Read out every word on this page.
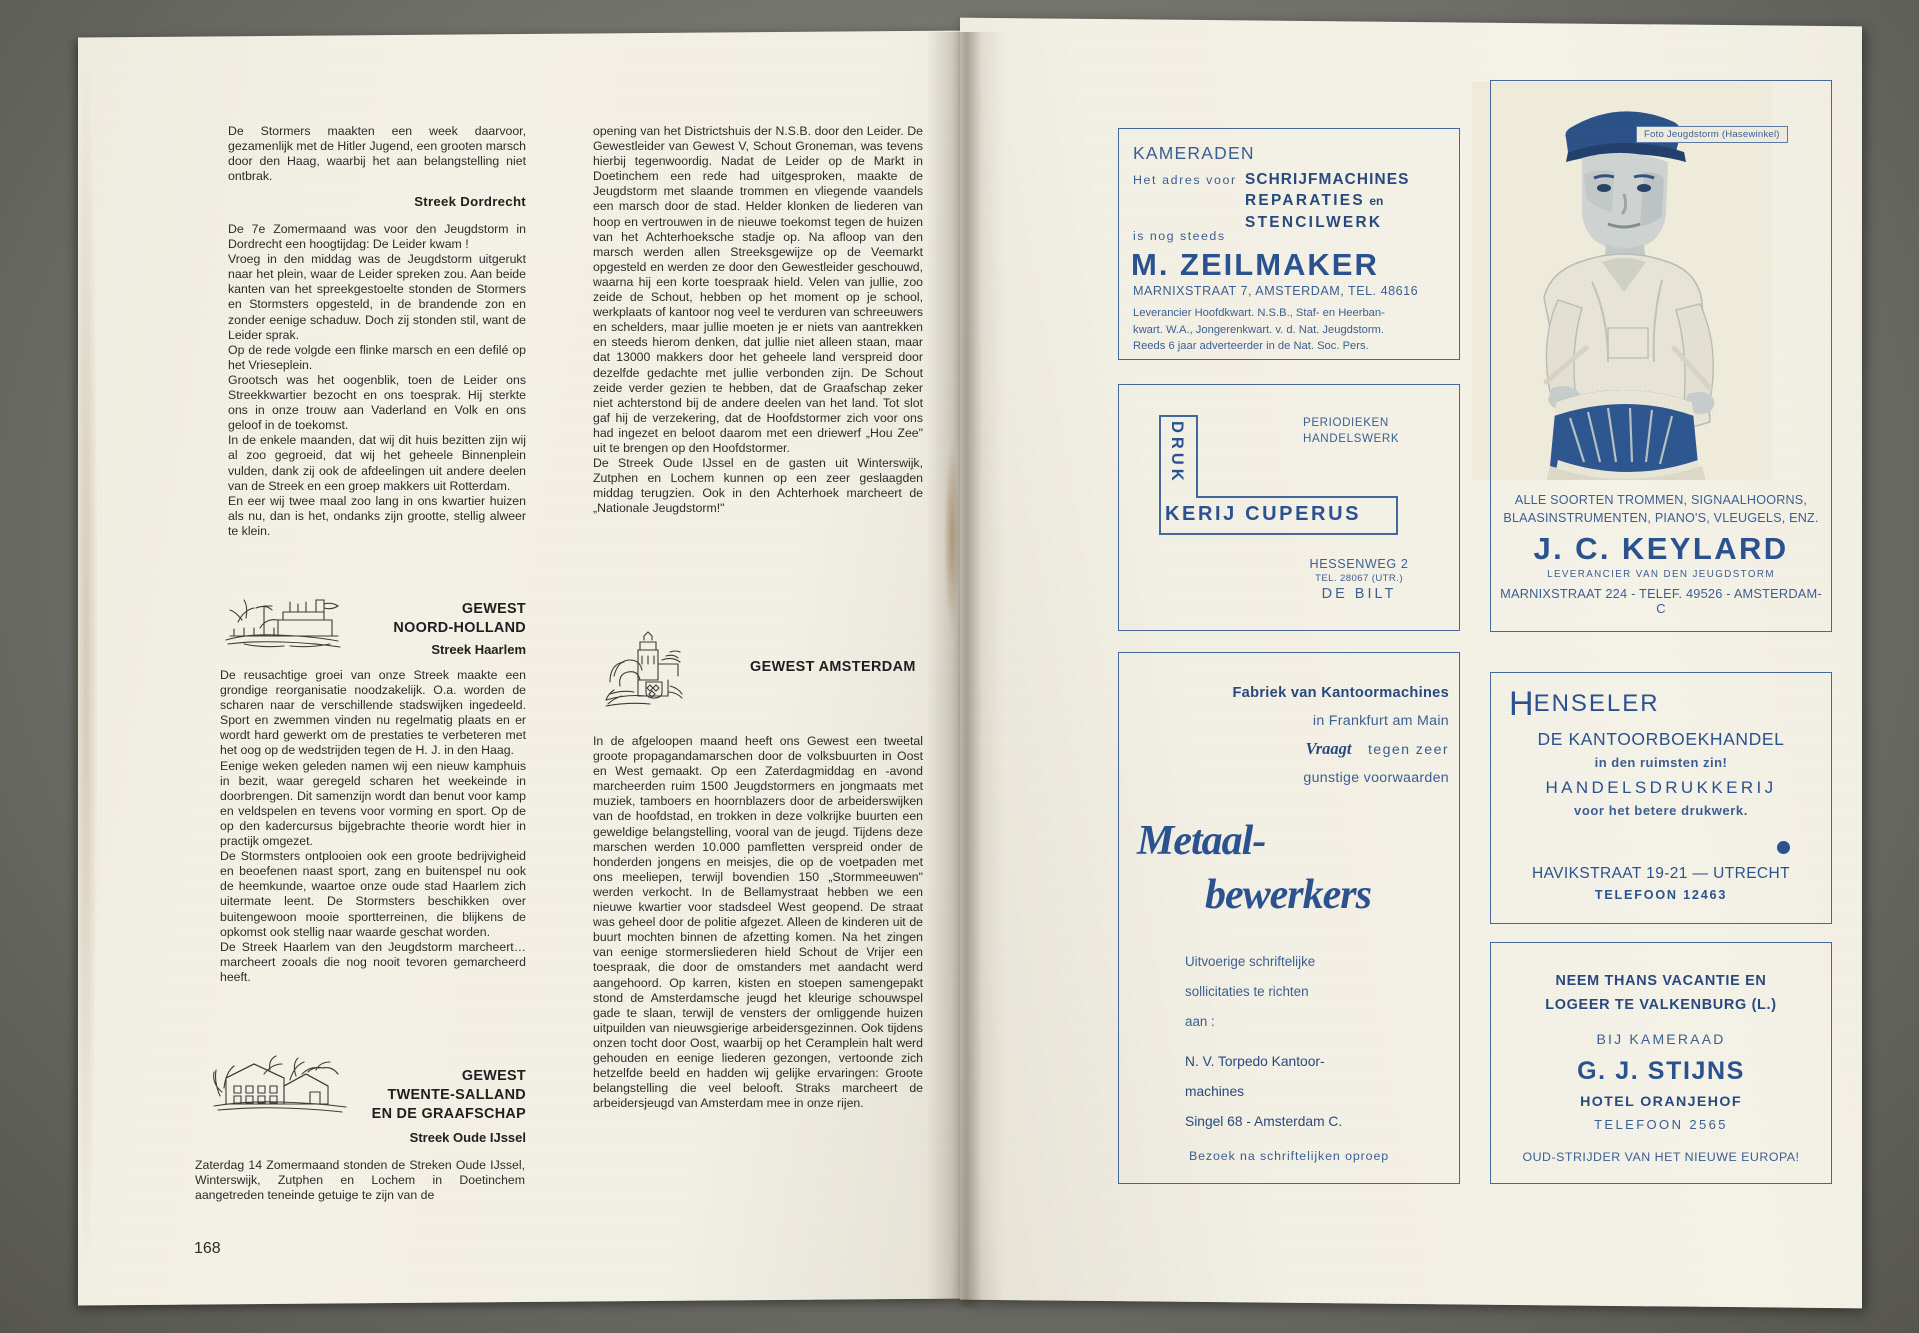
De Stormers maakten een week daarvoor, gezamenlijk met de Hitler Jugend, een grooten marsch door den Haag, waarbij het aan belangstelling niet ontbrak.

Streek Dordrecht

De 7e Zomermaand was voor den Jeugdstorm in Dordrecht een hoogtijdag: De Leider kwam !

Vroeg in den middag was de Jeugdstorm uitgerukt naar het plein, waar de Leider spreken zou. Aan beide kanten van het spreekgestoelte stonden de Stormers en Stormsters opgesteld, in de brandende zon en zonder eenige schaduw. Doch zij stonden stil, want de Leider sprak.

Op de rede volgde een flinke marsch en een defilé op het Vrieseplein.

Grootsch was het oogenblik, toen de Leider ons Streekkwartier bezocht en ons toesprak. Hij sterkte ons in onze trouw aan Vaderland en Volk en ons geloof in de toekomst.

In de enkele maanden, dat wij dit huis bezitten zijn wij al zoo gegroeid, dat wij het geheele Binnenplein vulden, dank zij ook de afdeelingen uit andere deelen van de Streek en een groep makkers uit Rotterdam.

En eer wij twee maal zoo lang in ons kwartier huizen als nu, dan is het, ondanks zijn grootte, stellig alweer te klein.

GEWEST
NOORD-HOLLAND
Streek Haarlem

De reusachtige groei van onze Streek maakte een grondige reorganisatie noodzakelijk. O.a. worden de scharen naar de verschillende stadswijken ingedeeld. Sport en zwemmen vinden nu regelmatig plaats en er wordt hard gewerkt om de prestaties te verbeteren met het oog op de wedstrijden tegen de H. J. in den Haag.

Eenige weken geleden namen wij een nieuw kamphuis in bezit, waar geregeld scharen het weekeinde in doorbrengen. Dit samenzijn wordt dan benut voor kamp en veldspelen en tevens voor vorming en sport. Op de op den kadercursus bijgebrachte theorie wordt hier in practijk omgezet.

De Stormsters ontplooien ook een groote bedrijvigheid en beoefenen naast sport, zang en buitenspel nu ook de heemkunde, waartoe onze oude stad Haarlem zich uitermate leent. De Stormsters beschikken over buitengewoon mooie sportterreinen, die blijkens de opkomst ook stellig naar waarde geschat worden.

De Streek Haarlem van den Jeugdstorm marcheert… marcheert zooals die nog nooit tevoren gemarcheerd heeft.

GEWEST
TWENTE-SALLAND
EN DE GRAAFSCHAP
Streek Oude IJssel

Zaterdag 14 Zomermaand stonden de Streken Oude IJssel, Winterswijk, Zutphen en Lochem in Doetinchem aangetreden teneinde getuige te zijn van de

168

opening van het Districtshuis der N.S.B. door den Leider. De Gewestleider van Gewest V, Schout Groneman, was tevens hierbij tegenwoordig. Nadat de Leider op de Markt in Doetinchem een rede had uitgesproken, maakte de Jeugdstorm met slaande trommen en vliegende vaandels een marsch door de stad. Helder klonken de liederen van hoop en vertrouwen in de nieuwe toekomst tegen de huizen van het Achterhoeksche stadje op. Na afloop van den marsch werden allen Streeksgewijze op de Veemarkt opgesteld en werden ze door den Gewestleider geschouwd, waarna hij een korte toespraak hield. Velen van jullie, zoo zeide de Schout, hebben op het moment op je school, werkplaats of kantoor nog veel te verduren van schreeuwers en schelders, maar jullie moeten je er niets van aantrekken en steeds hierom denken, dat jullie niet alleen staan, maar dat 13000 makkers door het geheele land verspreid door dezelfde gedachte met jullie verbonden zijn. De Schout zeide verder gezien te hebben, dat de Graafschap zeker niet achterstond bij de andere deelen van het land. Tot slot gaf hij de verzekering, dat de Hoofdstormer zich voor ons had ingezet en beloot daarom met een driewerf „Hou Zee" uit te brengen op den Hoofdstormer.

De Streek Oude IJssel en de gasten uit Winterswijk, Zutphen en Lochem kunnen op een zeer geslaagden middag terugzien. Ook in den Achterhoek marcheert de „Nationale Jeugdstorm!"

GEWEST AMSTERDAM

In de afgeloopen maand heeft ons Gewest een tweetal groote propagandamarschen door de volksbuurten in Oost en West gemaakt. Op een Zaterdagmiddag en -avond marcheerden ruim 1500 Jeugdstormers en jongmaats met muziek, tamboers en hoornblazers door de arbeiderswijken van de hoofdstad, en trokken in deze volkrijke buurten een geweldige belangstelling, vooral van de jeugd. Tijdens deze marschen werden 10.000 pamfletten verspreid onder de honderden jongens en meisjes, die op de voetpaden met ons meeliepen, terwijl bovendien 150 „Stormmeeuwen" werden verkocht. In de Bellamystraat hebben we een nieuwe kwartier voor stadsdeel West geopend. De straat was geheel door de politie afgezet. Alleen de kinderen uit de buurt mochten binnen de afzetting komen. Na het zingen van eenige stormersliederen hield Schout de Vrijer een toespraak, die door de omstanders met aandacht werd aangehoord. Op karren, kisten en stoepen samengepakt stond de Amsterdamsche jeugd het kleurige schouwspel gade te slaan, terwijl de vensters der omliggende huizen uitpuilden van nieuwsgierige arbeidersgezinnen. Ook tijdens onzen tocht door Oost, waarbij op het Ceramplein halt werd gehouden en eenige liederen gezongen, vertoonde zich hetzelfde beeld en hadden wij gelijke ervaringen: Groote belangstelling die veel belooft. Straks marcheert de arbeidersjeugd van Amsterdam mee in onze rijen.

Foto Jeugdstorm (Hasewinkel)
KAMERADEN
Het adres voor SCHRIJFMACHINES
REPARATIES en
STENCILWERK
is nog steeds
M. ZEILMAKER
MARNIXSTRAAT 7, AMSTERDAM, TEL. 48616
Leverancier Hoofdkwart. N.S.B., Staf- en Heerban-
kwart. W.A., Jongerenkwart. v. d. Nat. Jeugdstorm.
Reeds 6 jaar adverteerder in de Nat. Soc. Pers.
DRUK
KERIJ CUPERUS
PERIODIEKEN
HANDELSWERK
HESSENWEG 2
TEL. 28067 (UTR.)
DE BILT
ALLE SOORTEN TROMMEN, SIGNAALHOORNS,
BLAASINSTRUMENTEN, PIANO'S, VLEUGELS, ENZ.
J. C. KEYLARD
LEVERANCIER VAN DEN JEUGDSTORM
MARNIXSTRAAT 224 - TELEF. 49526 - AMSTERDAM-C
Fabriek van Kantoormachines
in Frankfurt am Main
Vraagt tegen zeer
gunstige voorwaarden
Metaal-
bewerkers
Uitvoerige schriftelijke
sollicitaties te richten
aan :
N. V. Torpedo Kantoor-
machines
Singel 68 - Amsterdam C.
Bezoek na schriftelijken oproep
HENSELER
DE KANTOORBOEKHANDEL
in den ruimsten zin!
HANDELSDRUKKERIJ
voor het betere drukwerk.
HAVIKSTRAAT 19-21 — UTRECHT
TELEFOON 12463
NEEM THANS VACANTIE EN
LOGEER TE VALKENBURG (L.)
BIJ KAMERAAD
G. J. STIJNS
HOTEL ORANJEHOF
TELEFOON 2565
OUD-STRIJDER VAN HET NIEUWE EUROPA!
